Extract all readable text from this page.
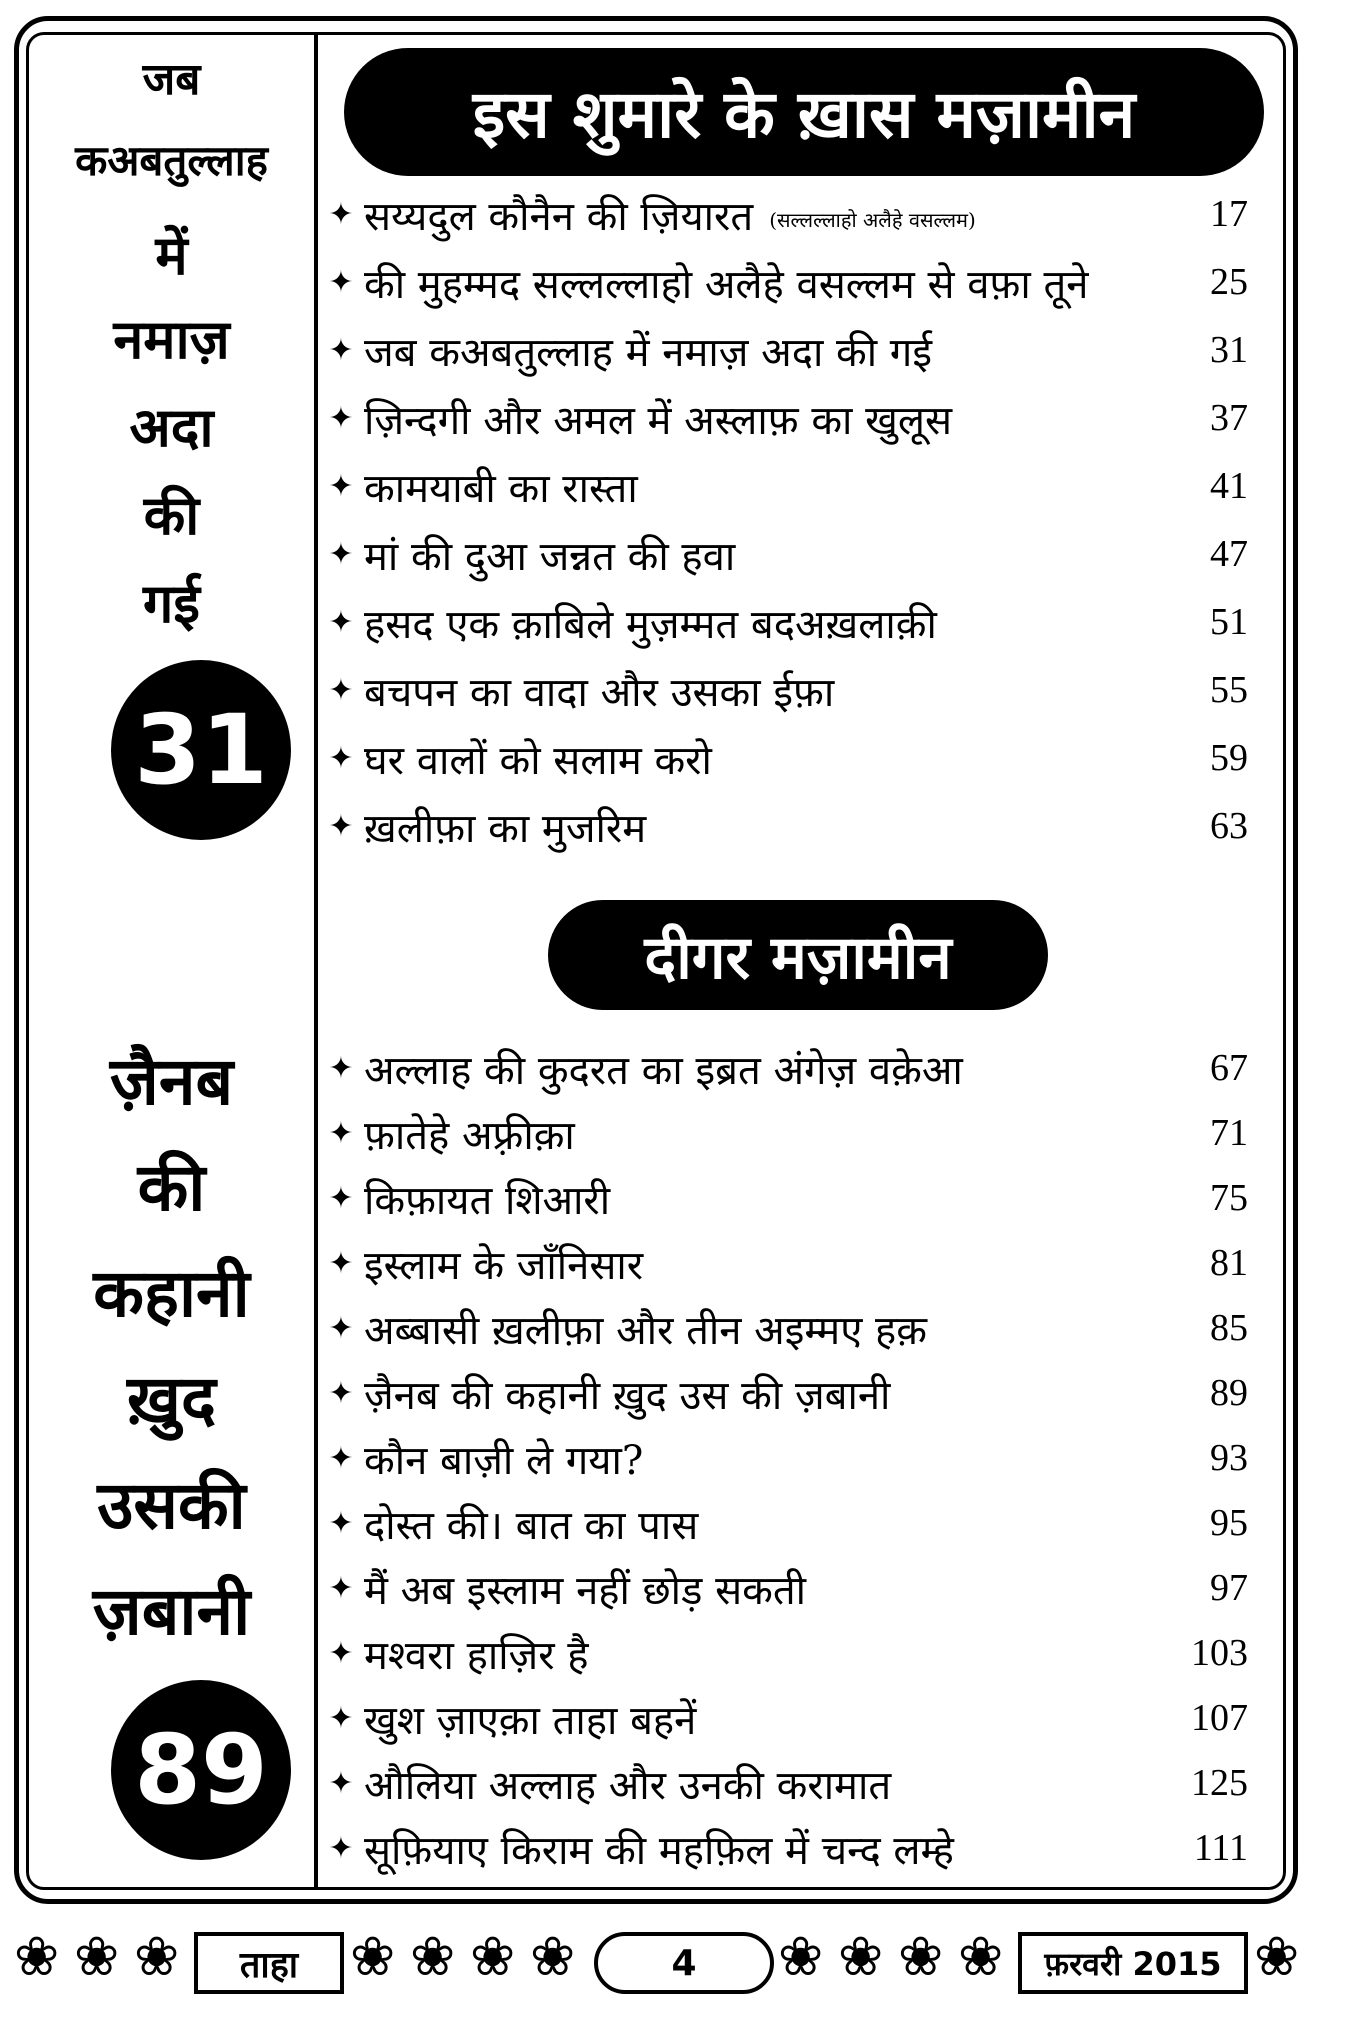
जब
कअबतुल्लाह
में
नमाज़
अदा
की
गई
31
ज़ैनब
की
कहानी
ख़ुद
उसकी
ज़बानी
89
इस शुमारे के ख़ास मज़ामीन
दीगर मज़ामीन
✦ सय्यदुल कौनैन की ज़ियारत (सल्लल्लाहो अलैहे वसल्लम)	17
✦ की मुहम्मद सल्लल्लाहो अलैहे वसल्लम से वफ़ा तूने	25
✦ जब कअबतुल्लाह में नमाज़ अदा की गई	31
✦ ज़िन्दगी और अमल में अस्लाफ़ का खुलूस	37
✦ कामयाबी का रास्ता	41
✦ मां की दुआ जन्नत की हवा	47
✦ हसद एक क़ाबिले मुज़म्मत बदअख़लाक़ी	51
✦ बचपन का वादा और उसका ईफ़ा	55
✦ घर वालों को सलाम करो	59
✦ ख़लीफ़ा का मुजरिम	63
✦ अल्लाह की कुदरत का इब्रत अंगेज़ वक़ेआ	67
✦ फ़ातेहे अफ़्रीक़ा	71
✦ किफ़ायत शिआरी	75
✦ इस्लाम के जाँनिसार	81
✦ अब्बासी ख़लीफ़ा और तीन अइम्मए हक़	85
✦ ज़ैनब की कहानी ख़ुद उस की ज़बानी	89
✦ कौन बाज़ी ले गया?	93
✦ दोस्त की। बात का पास	95
✦ मैं अब इस्लाम नहीं छोड़ सकती	97
✦ मश्वरा हाज़िर है	103
✦ खुश ज़ाएक़ा ताहा बहनें	107
✦ औलिया अल्लाह और उनकी करामात	125
✦ सूफ़ियाए किराम की महफ़िल में चन्द लम्हे	111
❀ ❀ ❀	ताहा ❀ ❀ ❀ ❀	4	❀ ❀ ❀ ❀	फ़रवरी 2015 ❀
